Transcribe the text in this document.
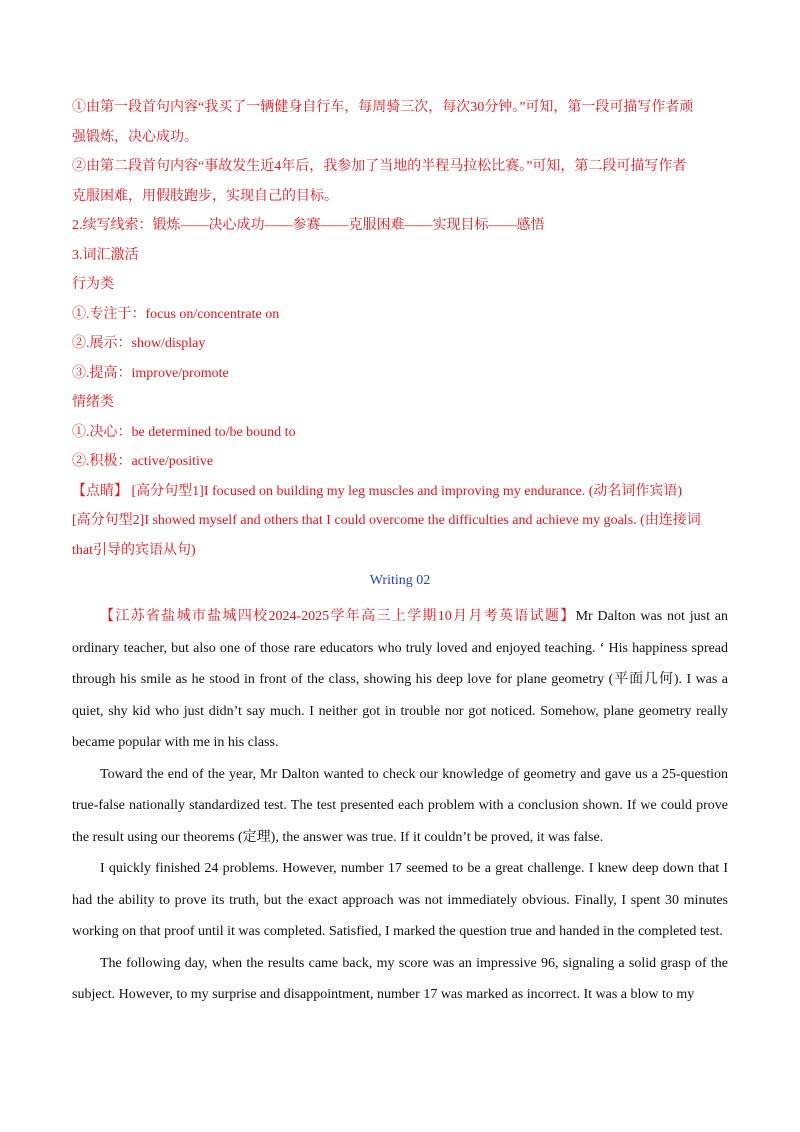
①由第一段首句内容“我买了一辆健身自行车，每周骑三次，每次30分钟。”可知，第一段可描写作者顽
强锻炼，决心成功。
②由第二段首句内容“事故发生近4年后，我参加了当地的半程马拉松比赛。”可知，第二段可描写作者
克服困难，用假肢跑步，实现自己的目标。
2.续写线索：锻炼——决心成功——参赛——克服困难——实现目标——感悟
3.词汇激活
行为类
①.专注于：focus on/concentrate on
②.展示：show/display
③.提高：improve/promote
情绪类
①.决心：be determined to/be bound to
②.积极：active/positive
【点睛】 [高分句型1]I focused on building my leg muscles and improving my endurance. (动名词作宾语)
[高分句型2]I showed myself and others that I could overcome the difficulties and achieve my goals. (由连接词
that引导的宾语从句)
Writing 02

【江苏省盐城市盐城四校2024-2025学年高三上学期10月月考英语试题】Mr Dalton was not just an ordinary teacher, but also one of those rare educators who truly loved and enjoyed teaching. ‘ His happiness spread through his smile as he stood in front of the class, showing his deep love for plane geometry (平面几何). I was a quiet, shy kid who just didn’t say much. I neither got in trouble nor got noticed. Somehow, plane geometry really became popular with me in his class.

Toward the end of the year, Mr Dalton wanted to check our knowledge of geometry and gave us a 25-question true-false nationally standardized test. The test presented each problem with a conclusion shown. If we could prove the result using our theorems (定理), the answer was true. If it couldn’t be proved, it was false.

I quickly finished 24 problems. However, number 17 seemed to be a great challenge. I knew deep down that I had the ability to prove its truth, but the exact approach was not immediately obvious. Finally, I spent 30 minutes working on that proof until it was completed. Satisfied, I marked the question true and handed in the completed test.

The following day, when the results came back, my score was an impressive 96, signaling a solid grasp of the subject. However, to my surprise and disappointment, number 17 was marked as incorrect. It was a blow to my
